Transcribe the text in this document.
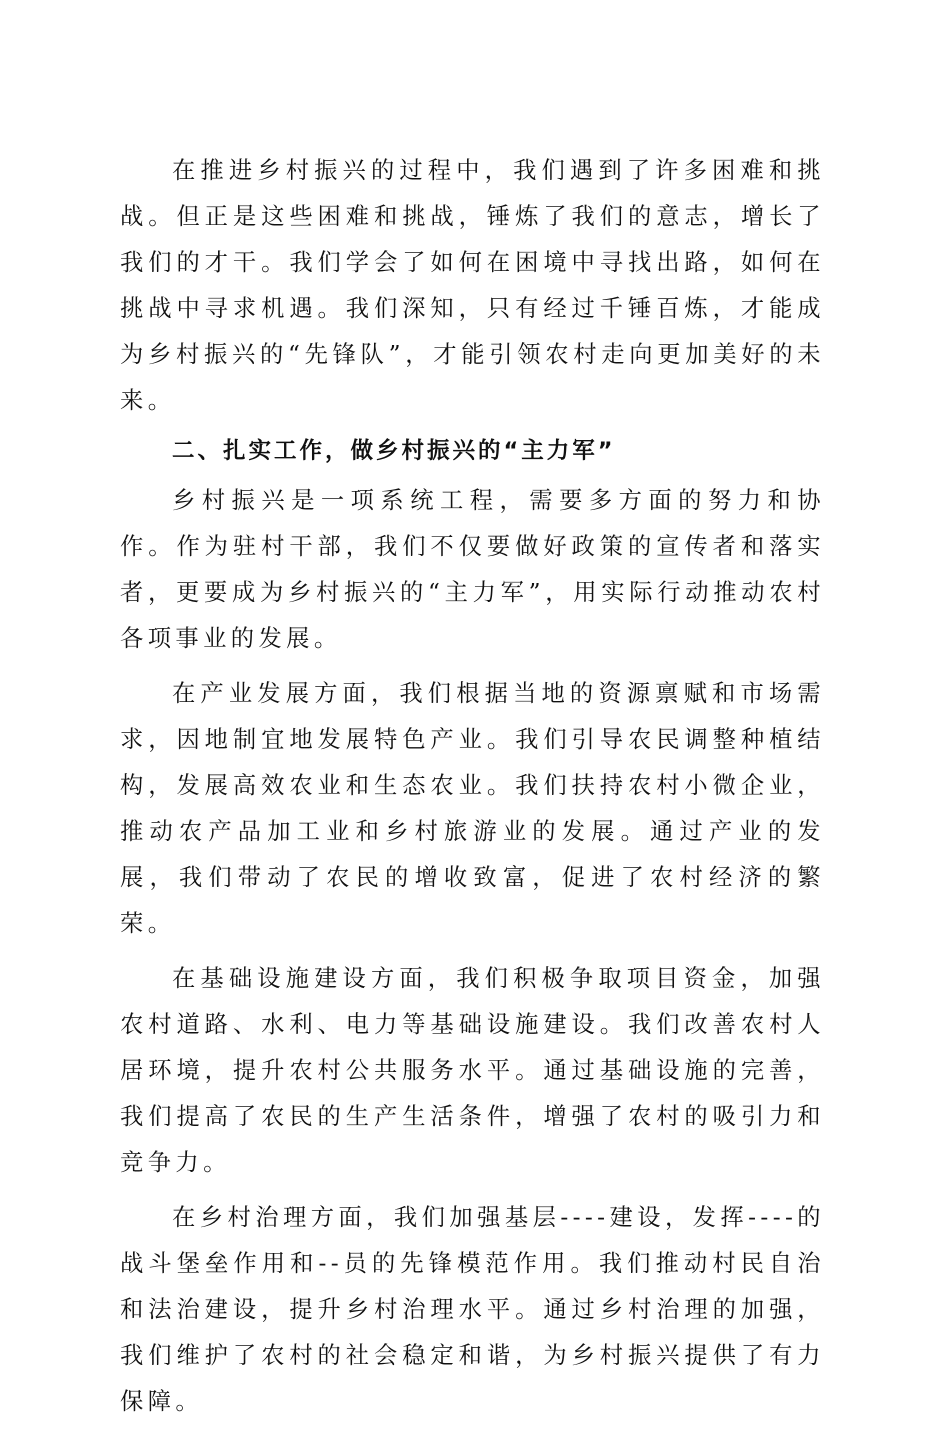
在推进乡村振兴的过程中，我们遇到了许多困难和挑战。但正是这些困难和挑战，锤炼了我们的意志，增长了我们的才干。我们学会了如何在困境中寻找出路，如何在挑战中寻求机遇。我们深知，只有经过千锤百炼，才能成为乡村振兴的“先锋队”，才能引领农村走向更加美好的未来。

二、扎实工作，做乡村振兴的“主力军”

乡村振兴是一项系统工程，需要多方面的努力和协作。作为驻村干部，我们不仅要做好政策的宣传者和落实者，更要成为乡村振兴的“主力军”，用实际行动推动农村各项事业的发展。

在产业发展方面，我们根据当地的资源禀赋和市场需求，因地制宜地发展特色产业。我们引导农民调整种植结构，发展高效农业和生态农业。我们扶持农村小微企业，推动农产品加工业和乡村旅游业的发展。通过产业的发展，我们带动了农民的增收致富，促进了农村经济的繁荣。

在基础设施建设方面，我们积极争取项目资金，加强农村道路、水利、电力等基础设施建设。我们改善农村人居环境，提升农村公共服务水平。通过基础设施的完善，我们提高了农民的生产生活条件，增强了农村的吸引力和竞争力。

在乡村治理方面，我们加强基层----建设，发挥----的战斗堡垒作用和--员的先锋模范作用。我们推动村民自治和法治建设，提升乡村治理水平。通过乡村治理的加强，我们维护了农村的社会稳定和谐，为乡村振兴提供了有力保障。
